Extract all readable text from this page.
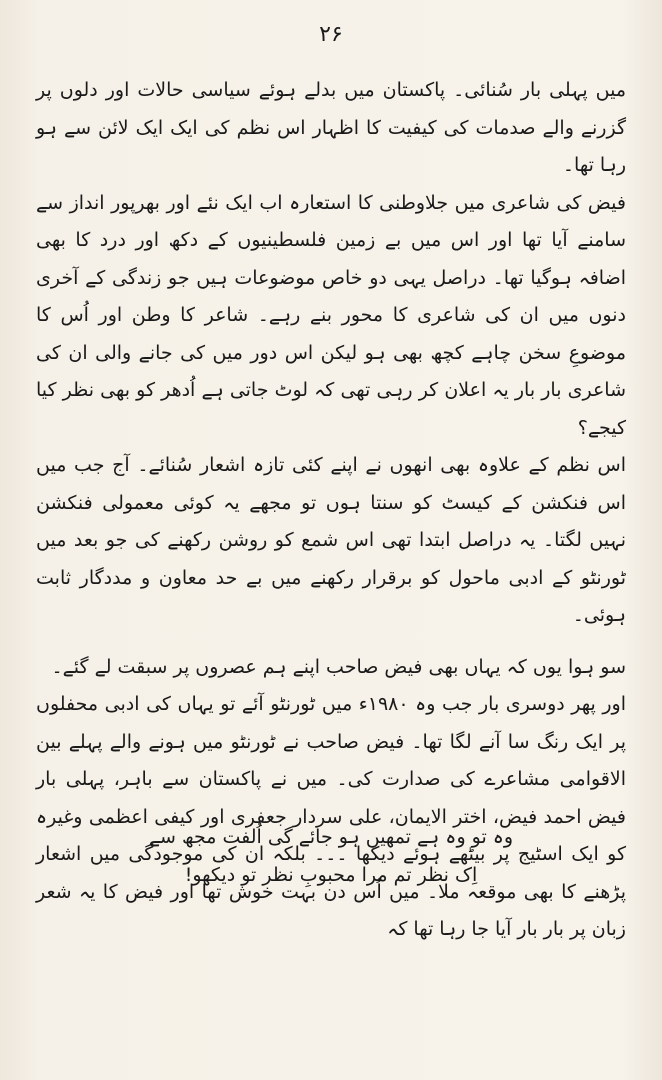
۲۶

میں پہلی بار سُنائی۔ پاکستان میں بدلے ہوئے سیاسی حالات اور دلوں پر گزرنے والے صدمات کی کیفیت کا اظہار اس نظم کی ایک ایک لائن سے ہو رہا تھا۔

فیض کی شاعری میں جلاوطنی کا استعارہ اب ایک نئے اور بھرپور انداز سے سامنے آیا تھا اور اس میں بے زمین فلسطینیوں کے دکھ اور درد کا بھی اضافہ ہوگیا تھا۔ دراصل یہی دو خاص موضوعات ہیں جو زندگی کے آخری دنوں میں ان کی شاعری کا محور بنے رہے۔ شاعر کا وطن اور اُس کا موضوعِ سخن چاہے کچھ بھی ہو لیکن اس دور میں کی جانے والی ان کی شاعری بار بار یہ اعلان کر رہی تھی کہ لوٹ جاتی ہے اُدھر کو بھی نظر کیا کیجے؟

اس نظم کے علاوہ بھی انھوں نے اپنے کئی تازہ اشعار سُنائے۔ آج جب میں اس فنکشن کے کیسٹ کو سنتا ہوں تو مجھے یہ کوئی معمولی فنکشن نہیں لگتا۔ یہ دراصل ابتدا تھی اس شمع کو روشن رکھنے کی جو بعد میں ٹورنٹو کے ادبی ماحول کو برقرار رکھنے میں بے حد معاون و مددگار ثابت ہوئی۔

سو ہوا یوں کہ یہاں بھی فیض صاحب اپنے ہم عصروں پر سبقت لے گئے۔

اور پھر دوسری بار جب وہ ۱۹۸۰ء میں ٹورنٹو آئے تو یہاں کی ادبی محفلوں پر ایک رنگ سا آنے لگا تھا۔ فیض صاحب نے ٹورنٹو میں ہونے والے پہلے بین الاقوامی مشاعرے کی صدارت کی۔ میں نے پاکستان سے باہر، پہلی بار فیض احمد فیض، اختر الایمان، علی سردار جعفری اور کیفی اعظمی وغیرہ کو ایک اسٹیج پر بیٹھے ہوئے دیکھا ۔۔۔ بلکہ ان کی موجودگی میں اشعار پڑھنے کا بھی موقعہ ملا۔ میں اُس دن بہت خوش تھا اور فیض کا یہ شعر زبان پر بار بار آیا جا رہا تھا کہ

وہ تو وہ ہے تمھیں ہو جائے گی اُلفت مجھ سے
اِک نظر تم مرا محبوبِ نظر تو دیکھو!
